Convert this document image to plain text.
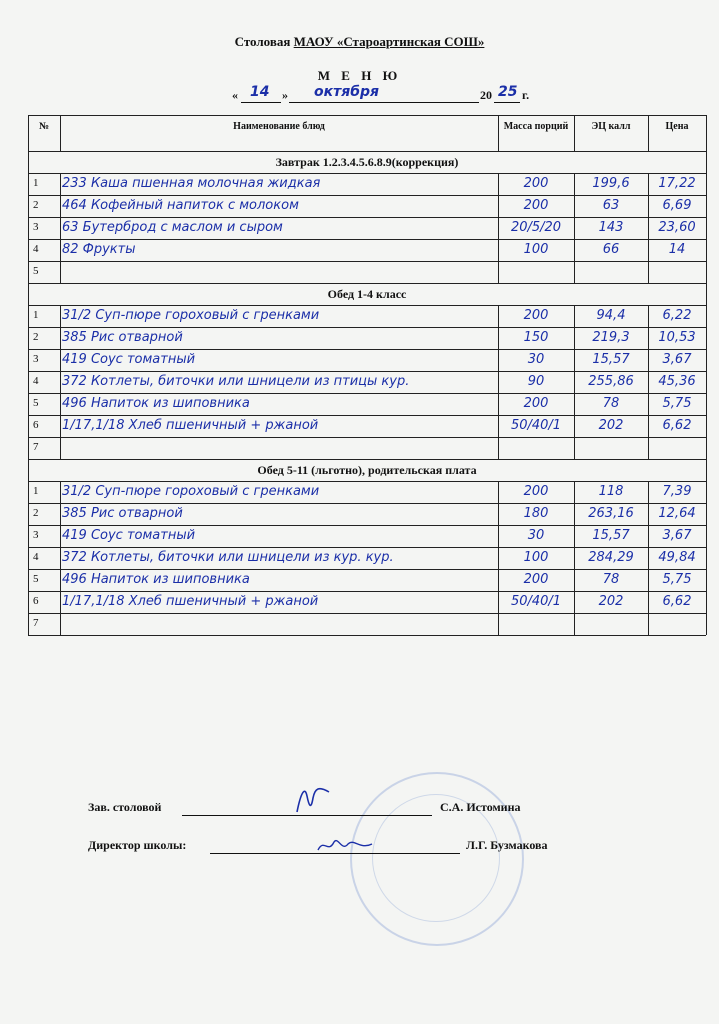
Столовая МАОУ «Староартинская СОШ»
М Е Н Ю
« 14 » октября	20 25 г.
№	Наименование блюд	Масса порций	ЭЦ калл	Цена
Завтрак 1.2.3.4.5.6.8.9(коррекция)
1 233 Каша пшенная молочная жидкая	200	199,6	17,22
2 464 Кофейный напиток с молоком	200	63	6,69
3 63 Бутерброд с маслом и сыром	20/5/20	143	23,60
4 82 Фрукты	100	66	14
5
Обед 1-4 класс
1 31/2 Суп-пюре гороховый с гренками	200	94,4	6,22
2 385 Рис отварной	150	219,3	10,53
3 419 Соус томатный	30	15,57	3,67
4 372 Котлеты, биточки или шницели из птицы кур.	90	255,86	45,36
5 496 Напиток из шиповника	200	78	5,75
6 1/17,1/18 Хлеб пшеничный + ржаной	50/40/1	202	6,62
7
Обед 5-11 (льготно), родительская плата
1 31/2 Суп-пюре гороховый с гренками	200	118	7,39
2 385 Рис отварной	180	263,16	12,64
3 419 Соус томатный	30	15,57	3,67
4 372 Котлеты, биточки или шницели из кур. кур.	100	284,29	49,84
5 496 Напиток из шиповника	200	78	5,75
6 1/17,1/18 Хлеб пшеничный + ржаной	50/40/1	202	6,62
7
Зав. столовой	С.А. Истомина
Директор школы:	Л.Г. Бузмакова
